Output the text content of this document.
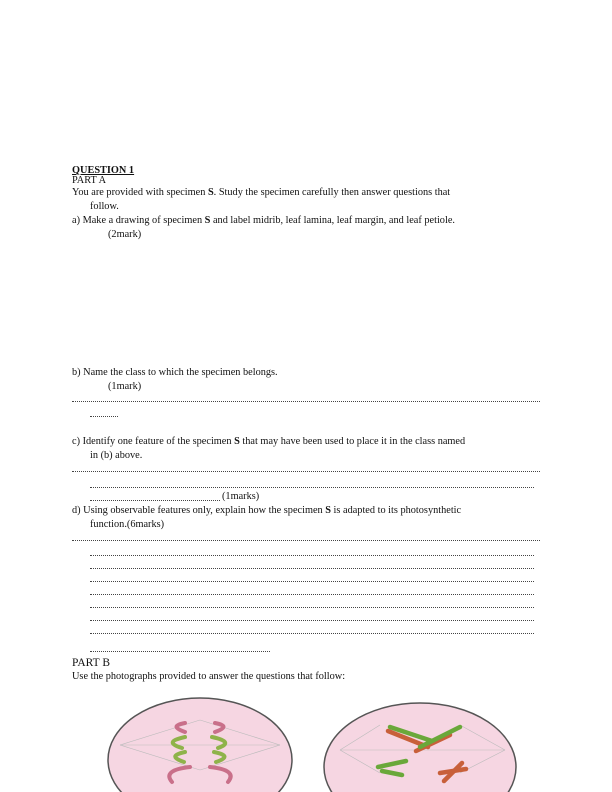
QUESTION 1
PART A
You are provided with specimen S. Study the specimen carefully then answer questions that
follow.
a) Make a drawing of specimen S and label midrib, leaf lamina, leaf margin, and leaf petiole.
(2mark)
b) Name the class to which the specimen belongs.
(1mark)
c) Identify one feature of the specimen S that may have been used to place it in the class named
in (b) above.
(1marks)
d) Using observable features only, explain how the specimen S is adapted to its photosynthetic
function.(6marks)
PART B
Use the photographs provided to answer the questions that follow:
